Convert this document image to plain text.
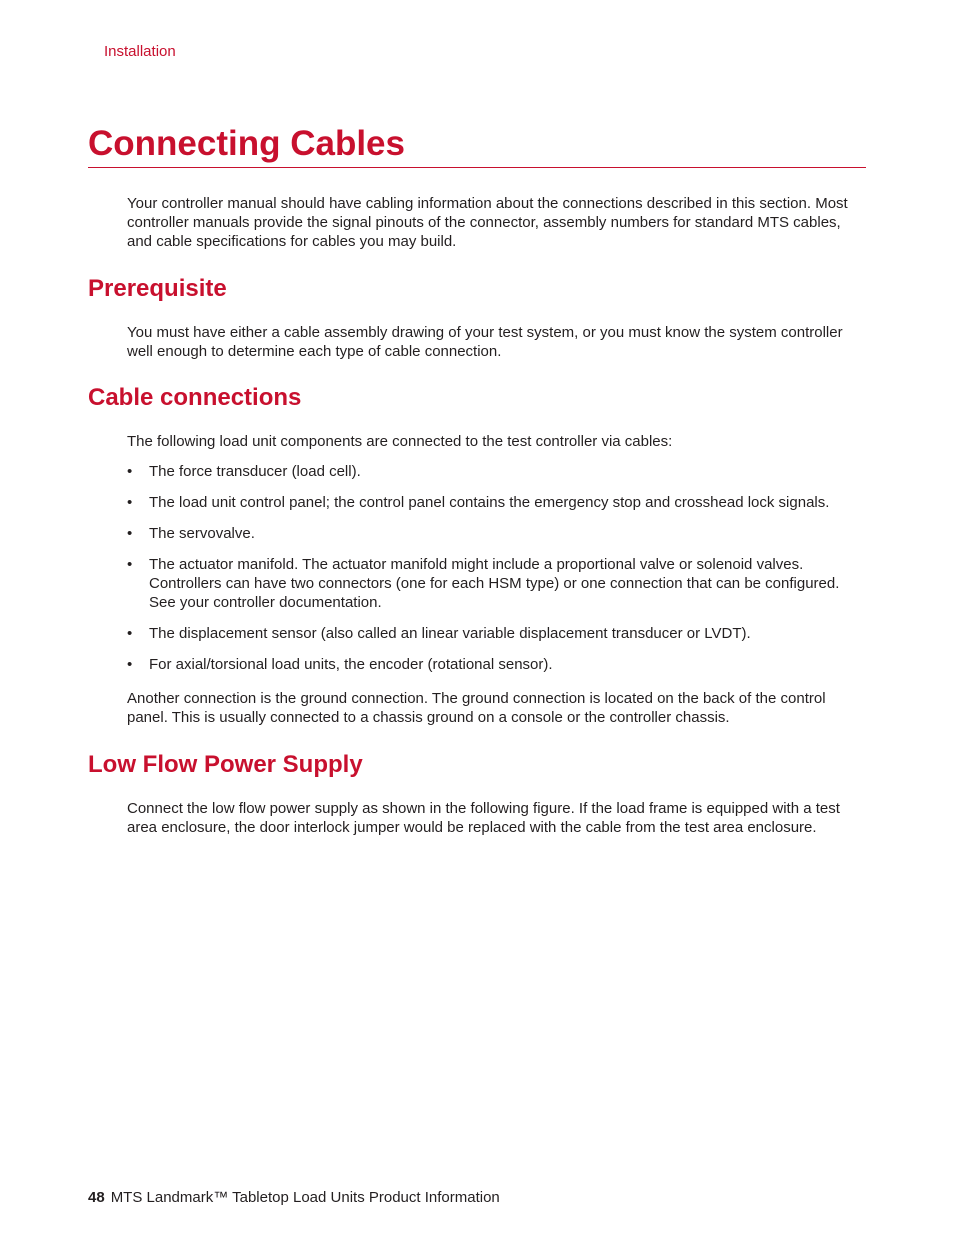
Installation
Connecting Cables

Your controller manual should have cabling information about the connections described in this section. Most controller manuals provide the signal pinouts of the connector, assembly numbers for standard MTS cables, and cable specifications for cables you may build.

Prerequisite

You must have either a cable assembly drawing of your test system, or you must know the system controller well enough to determine each type of cable connection.

Cable connections

The following load unit components are connected to the test controller via cables:

• The force transducer (load cell).
• The load unit control panel; the control panel contains the emergency stop and crosshead lock signals.
• The servovalve.
• The actuator manifold. The actuator manifold might include a proportional valve or solenoid valves. Controllers can have two connectors (one for each HSM type) or one connection that can be configured. See your controller documentation.
• The displacement sensor (also called an linear variable displacement transducer or LVDT).
• For axial/torsional load units, the encoder (rotational sensor).

Another connection is the ground connection. The ground connection is located on the back of the control panel. This is usually connected to a chassis ground on a console or the controller chassis.

Low Flow Power Supply

Connect the low flow power supply as shown in the following figure. If the load frame is equipped with a test area enclosure, the door interlock jumper would be replaced with the cable from the test area enclosure.

48 MTS Landmark™ Tabletop Load Units Product Information
